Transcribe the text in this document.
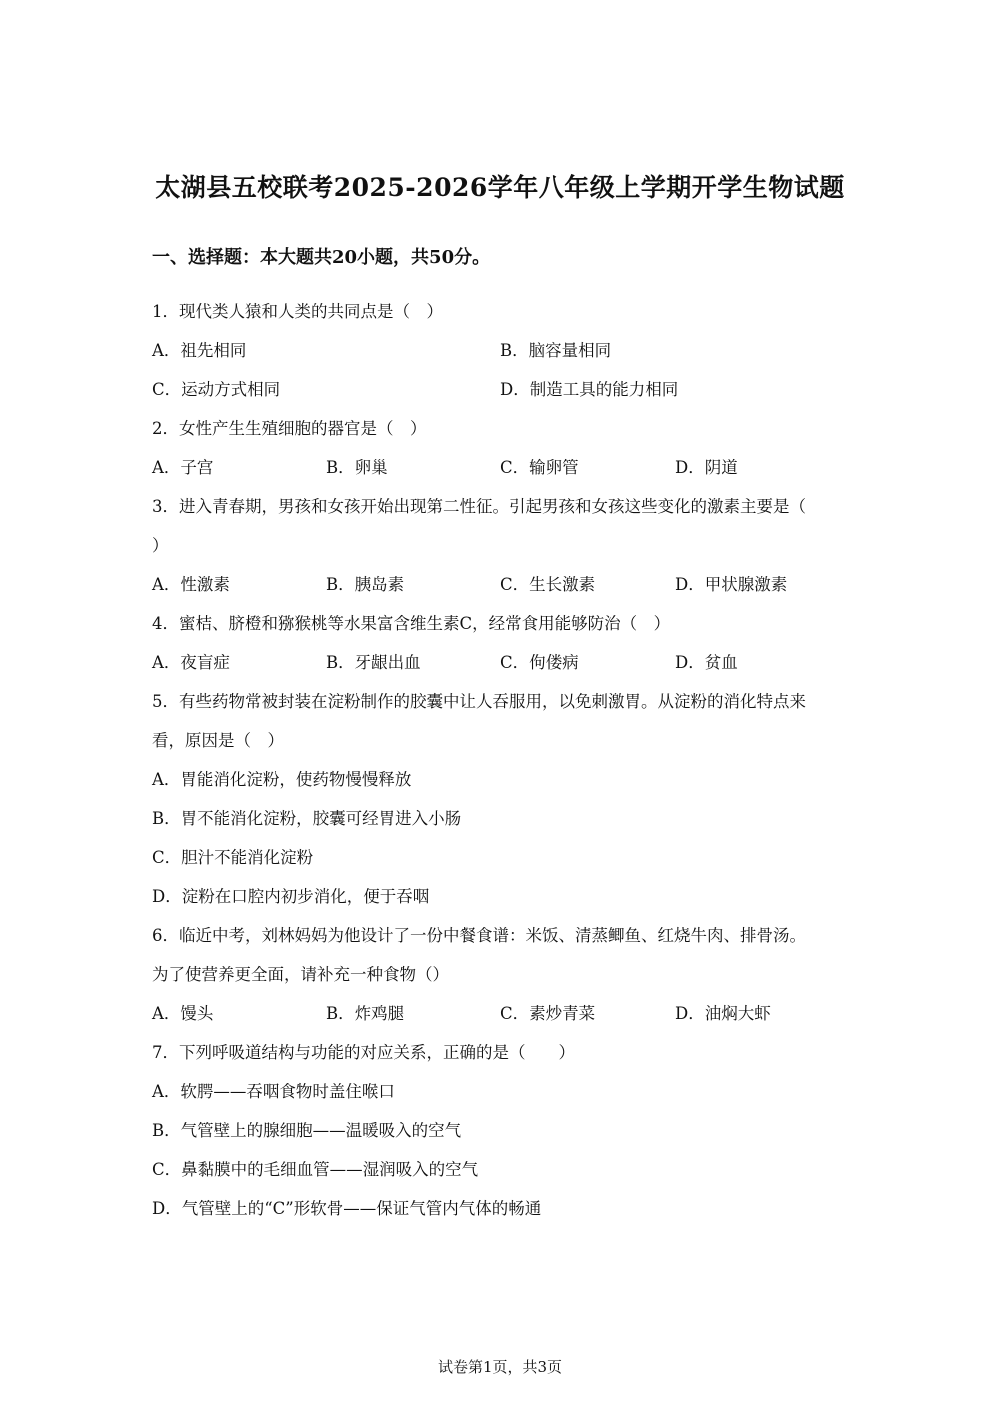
太湖县五校联考2025-2026学年八年级上学期开学生物试题
一、选择题：本大题共20小题，共50分。
1．现代类人猿和人类的共同点是（　）
A．祖先相同	B．脑容量相同
C．运动方式相同	D．制造工具的能力相同
2．女性产生生殖细胞的器官是（　）
A．子宫	B．卵巢	C．输卵管	D．阴道
3．进入青春期，男孩和女孩开始出现第二性征。引起男孩和女孩这些变化的激素主要是（
）
A．性激素	B．胰岛素	C．生长激素	D．甲状腺激素
4．蜜桔、脐橙和猕猴桃等水果富含维生素C，经常食用能够防治（　）
A．夜盲症	B．牙龈出血	C．佝偻病	D．贫血
5．有些药物常被封装在淀粉制作的胶囊中让人吞服用，以免刺激胃。从淀粉的消化特点来
看，原因是（　）
A．胃能消化淀粉，使药物慢慢释放
B．胃不能消化淀粉，胶囊可经胃进入小肠
C．胆汁不能消化淀粉
D．淀粉在口腔内初步消化，便于吞咽
6．临近中考，刘林妈妈为他设计了一份中餐食谱：米饭、清蒸鲫鱼、红烧牛肉、排骨汤。
为了使营养更全面，请补充一种食物（）
A．馒头	B．炸鸡腿	C．素炒青菜	D．油焖大虾
7．下列呼吸道结构与功能的对应关系，正确的是（　　）
A．软腭——吞咽食物时盖住喉口
B．气管壁上的腺细胞——温暖吸入的空气
C．鼻黏膜中的毛细血管——湿润吸入的空气
D．气管壁上的“C”形软骨——保证气管内气体的畅通
试卷第1页，共3页
